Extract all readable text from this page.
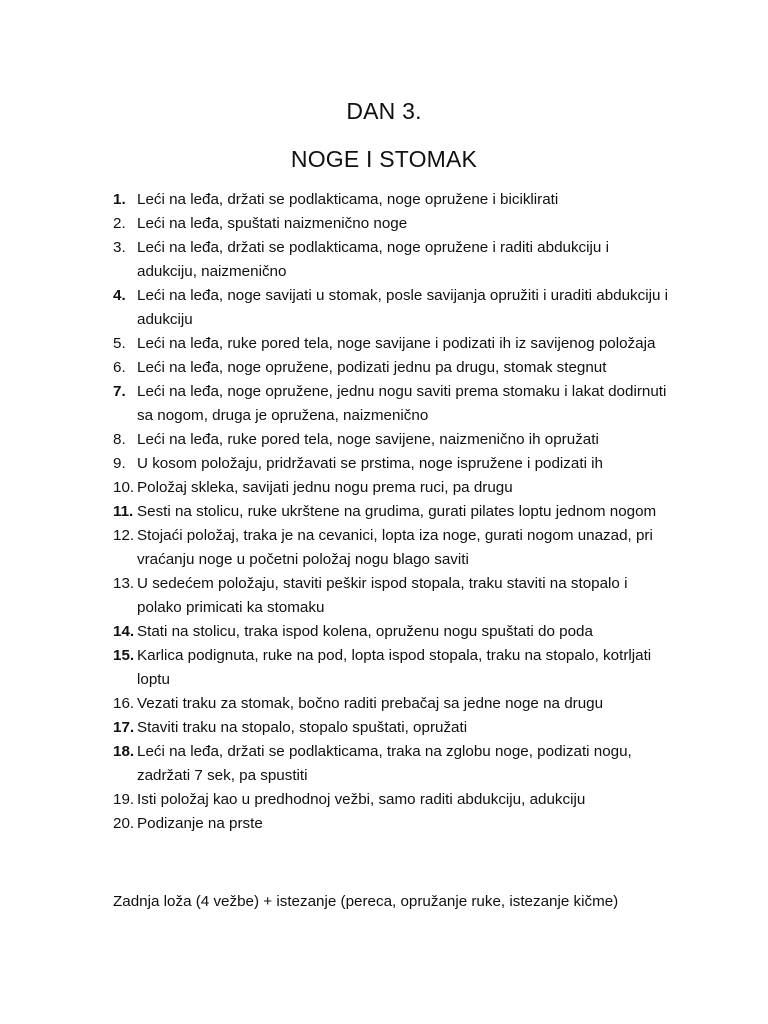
DAN 3.
NOGE I STOMAK
1. Leći na leđa, držati se podlakticama, noge opružene i biciklirati
2. Leći na leđa, spuštati naizmenično noge
3. Leći na leđa, držati se podlakticama, noge opružene i raditi abdukciju i adukciju, naizmenično
4. Leći na leđa, noge savijati u stomak, posle savijanja opružiti i uraditi abdukciju i adukciju
5. Leći na leđa, ruke pored tela, noge savijane i podizati ih iz savijenog položaja
6. Leći na leđa, noge opružene, podizati jednu pa drugu, stomak stegnut
7. Leći na leđa, noge opružene, jednu nogu saviti prema stomaku i lakat dodirnuti sa nogom, druga je opružena, naizmenično
8. Leći na leđa, ruke pored tela, noge savijene, naizmenično ih opružati
9. U kosom položaju, pridržavati se prstima, noge ispružene i podizati ih
10. Položaj skleka, savijati jednu nogu prema ruci, pa drugu
11. Sesti na stolicu, ruke ukrštene na grudima, gurati pilates loptu jednom nogom
12. Stojaći položaj, traka je na cevanici, lopta iza noge, gurati nogom unazad, pri vraćanju noge u početni položaj nogu blago saviti
13. U sedećem položaju, staviti peškir ispod stopala, traku staviti na stopalo i polako primicati ka stomaku
14. Stati na stolicu, traka ispod kolena, opruženu nogu spuštati do poda
15. Karlica podignuta, ruke na pod, lopta ispod stopala, traku na stopalo, kotrljati loptu
16. Vezati traku za stomak, bočno raditi prebačaj sa jedne noge na drugu
17. Staviti traku na stopalo, stopalo spuštati, opružati
18. Leći na leđa, držati se podlakticama, traka na zglobu noge, podizati nogu, zadržati 7 sek, pa spustiti
19. Isti položaj kao u predhodnoj vežbi, samo raditi abdukciju, adukciju
20. Podizanje na prste

Zadnja loža (4 vežbe) + istezanje (pereca, opružanje ruke, istezanje kičme)
